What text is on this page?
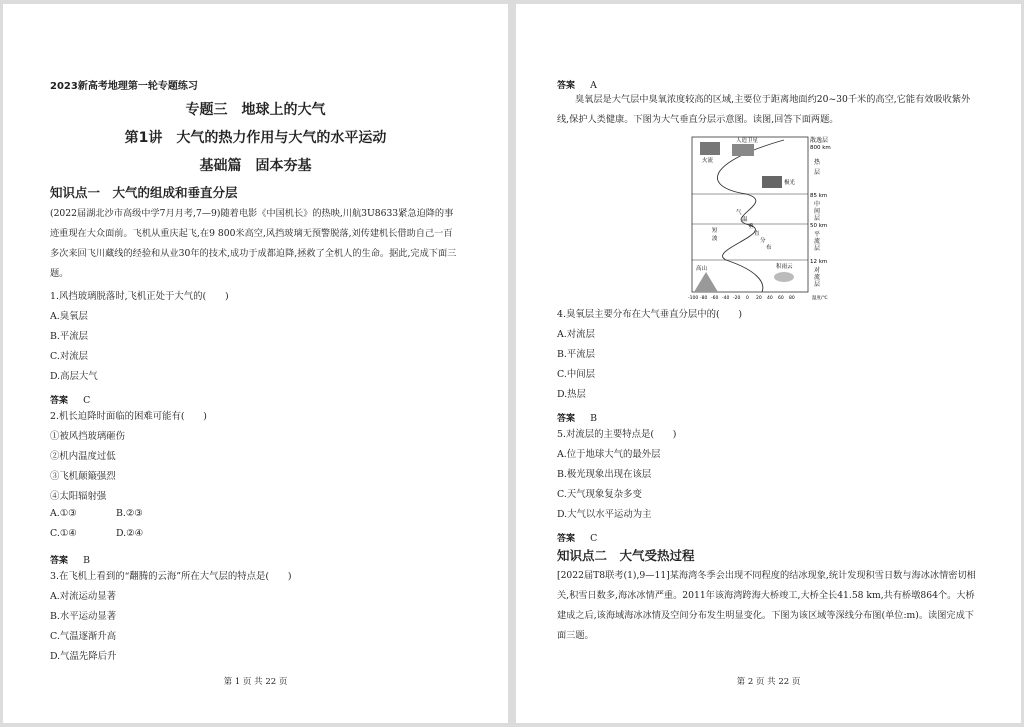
2023新高考地理第一轮专题练习
专题三　地球上的大气
第1讲　大气的热力作用与大气的水平运动
基础篇　固本夯基
知识点一　大气的组成和垂直分层
(2022届湖北沙市高级中学7月月考,7—9)随着电影《中国机长》的热映,川航3U8633紧急迫降的事迹重现在大众面前。飞机从重庆起飞,在9 800米高空,风挡玻璃无预警脱落,刘传建机长借助自己一百多次来回飞川藏线的经验和从业30年的技术,成功于成都迫降,拯救了全机人的生命。据此,完成下面三题。
1.风挡玻璃脱落时,飞机正处于大气的(　　)
A.臭氧层
B.平流层
C.对流层
D.高层大气
答案 C
2.机长迫降时面临的困难可能有(　　)
①被风挡玻璃砸伤
②机内温度过低
③飞机颠簸强烈
④太阳辐射强
A.①③	B.②③
C.①④	D.②④
答案 B
3.在飞机上看到的“翻腾的云海”所在大气层的特点是(　　)
A.对流运动显著
B.水平运动显著
C.气温逐渐升高
D.气温先降后升
第 1 页 共 22 页
答案 A
臭氧层是大气层中臭氧浓度较高的区域,主要位于距离地面约20~30千米的高空,它能有效吸收紫外线,保护人类健康。下图为大气垂直分层示意图。读图,回答下面两题。
散逸层
800 km
人造卫星
火流	热
层
极光
85 km
中
间
层
50 km
平
流
层
12 km
对
流
层
气
温
垂
直
分
布
短
波
高山	积雨云
-100 -80 -60 -40 -20 0 20 40 60 80	温度/℃
4.臭氧层主要分布在大气垂直分层中的(　　)
A.对流层
B.平流层
C.中间层
D.热层
答案 B
5.对流层的主要特点是(　　)
A.位于地球大气的最外层
B.极光现象出现在该层
C.天气现象复杂多变
D.大气以水平运动为主
答案 C
知识点二　大气受热过程
[2022届T8联考(1),9—11]某海湾冬季会出现不同程度的结冰现象,统计发现积雪日数与海冰冰情密切相关,积雪日数多,海冰冰情严重。2011年该海湾跨海大桥竣工,大桥全长41.58 km,共有桥墩864个。大桥建成之后,该海域海冰冰情及空间分布发生明显变化。下图为该区域等深线分布图(单位:m)。读图完成下面三题。
第 2 页 共 22 页
